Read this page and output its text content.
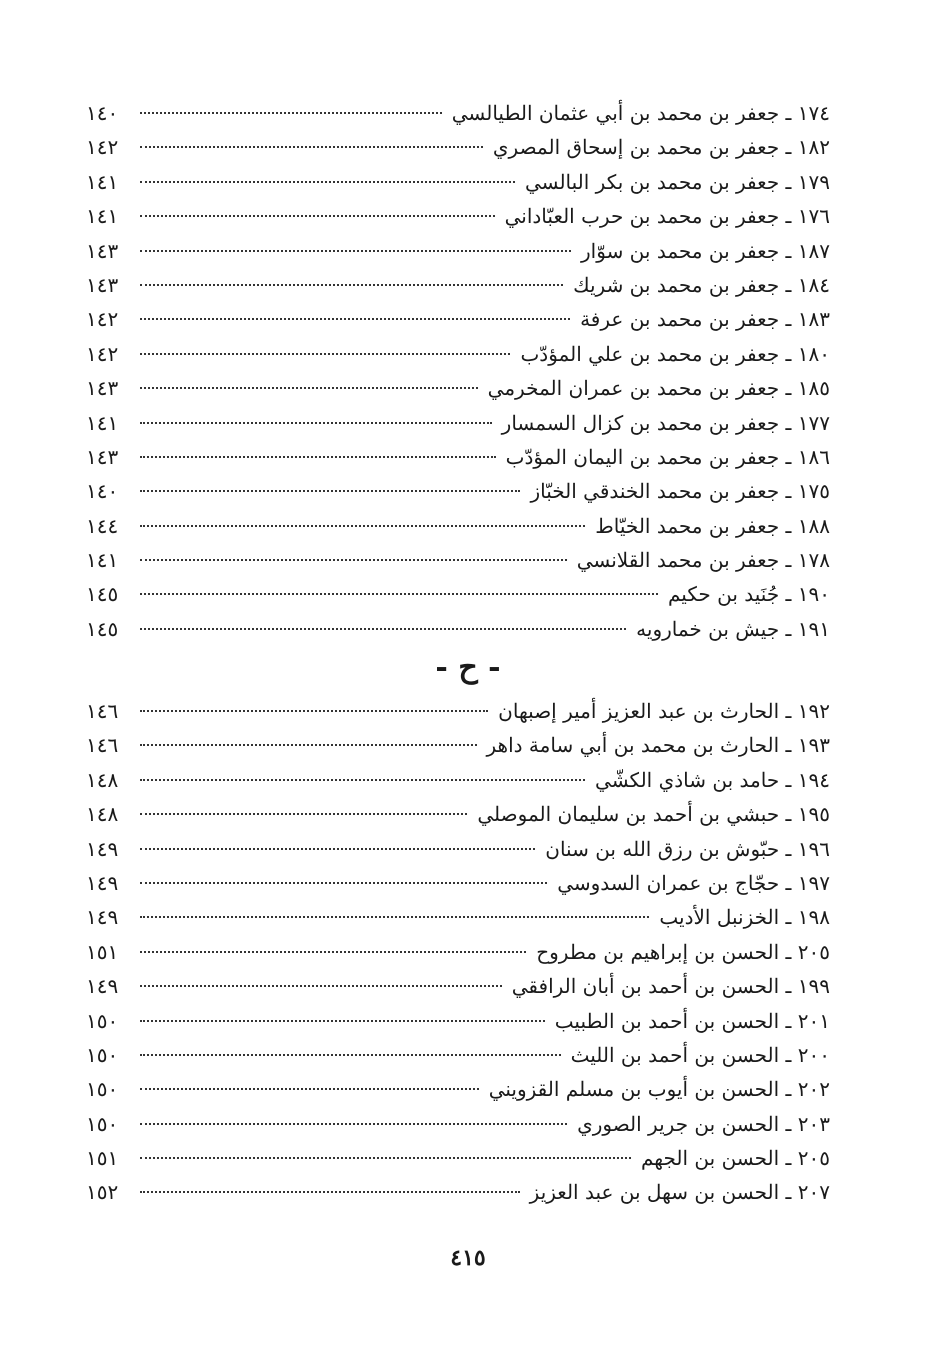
١٧٤ ـ جعفر بن محمد بن أبي عثمان الطيالسي
١٤٠
١٨٢ ـ جعفر بن محمد بن إسحاق المصري
١٤٢
١٧٩ ـ جعفر بن محمد بن بكر البالسي
١٤١
١٧٦ ـ جعفر بن محمد بن حرب العبّاداني
١٤١
١٨٧ ـ جعفر بن محمد بن سوّار
١٤٣
١٨٤ ـ جعفر بن محمد بن شريك
١٤٣
١٨٣ ـ جعفر بن محمد بن عرفة
١٤٢
١٨٠ ـ جعفر بن محمد بن علي المؤدّب
١٤٢
١٨٥ ـ جعفر بن محمد بن عمران المخرمي
١٤٣
١٧٧ ـ جعفر بن محمد بن كزال السمسار
١٤١
١٨٦ ـ جعفر بن محمد بن اليمان المؤدّب
١٤٣
١٧٥ ـ جعفر بن محمد الخندقي الخبّاز
١٤٠
١٨٨ ـ جعفر بن محمد الخيّاط
١٤٤
١٧٨ ـ جعفر بن محمد القلانسي
١٤١
١٩٠ ـ جُنَيد بن حكيم
١٤٥
١٩١ ـ جيش بن خمارويه
١٤٥
- ح -
١٩٢ ـ الحارث بن عبد العزيز أمير إصبهان
١٤٦
١٩٣ ـ الحارث بن محمد بن أبي سامة داهر
١٤٦
١٩٤ ـ حامد بن شاذي الكشّي
١٤٨
١٩٥ ـ حبشي بن أحمد بن سليمان الموصلي
١٤٨
١٩٦ ـ حبّوش بن رزق الله بن سنان
١٤٩
١٩٧ ـ حجّاج بن عمران السدوسي
١٤٩
١٩٨ ـ الخزنبل الأديب
١٤٩
٢٠٥ ـ الحسن بن إبراهيم بن مطروح
١٥١
١٩٩ ـ الحسن بن أحمد بن أبان الرافقي
١٤٩
٢٠١ ـ الحسن بن أحمد بن الطبيب
١٥٠
٢٠٠ ـ الحسن بن أحمد بن الليث
١٥٠
٢٠٢ ـ الحسن بن أيوب بن مسلم القزويني
١٥٠
٢٠٣ ـ الحسن بن جرير الصوري
١٥٠
٢٠٥ ـ الحسن بن الجهم
١٥١
٢٠٧ ـ الحسن بن سهل بن عبد العزيز
١٥٢
٤١٥
